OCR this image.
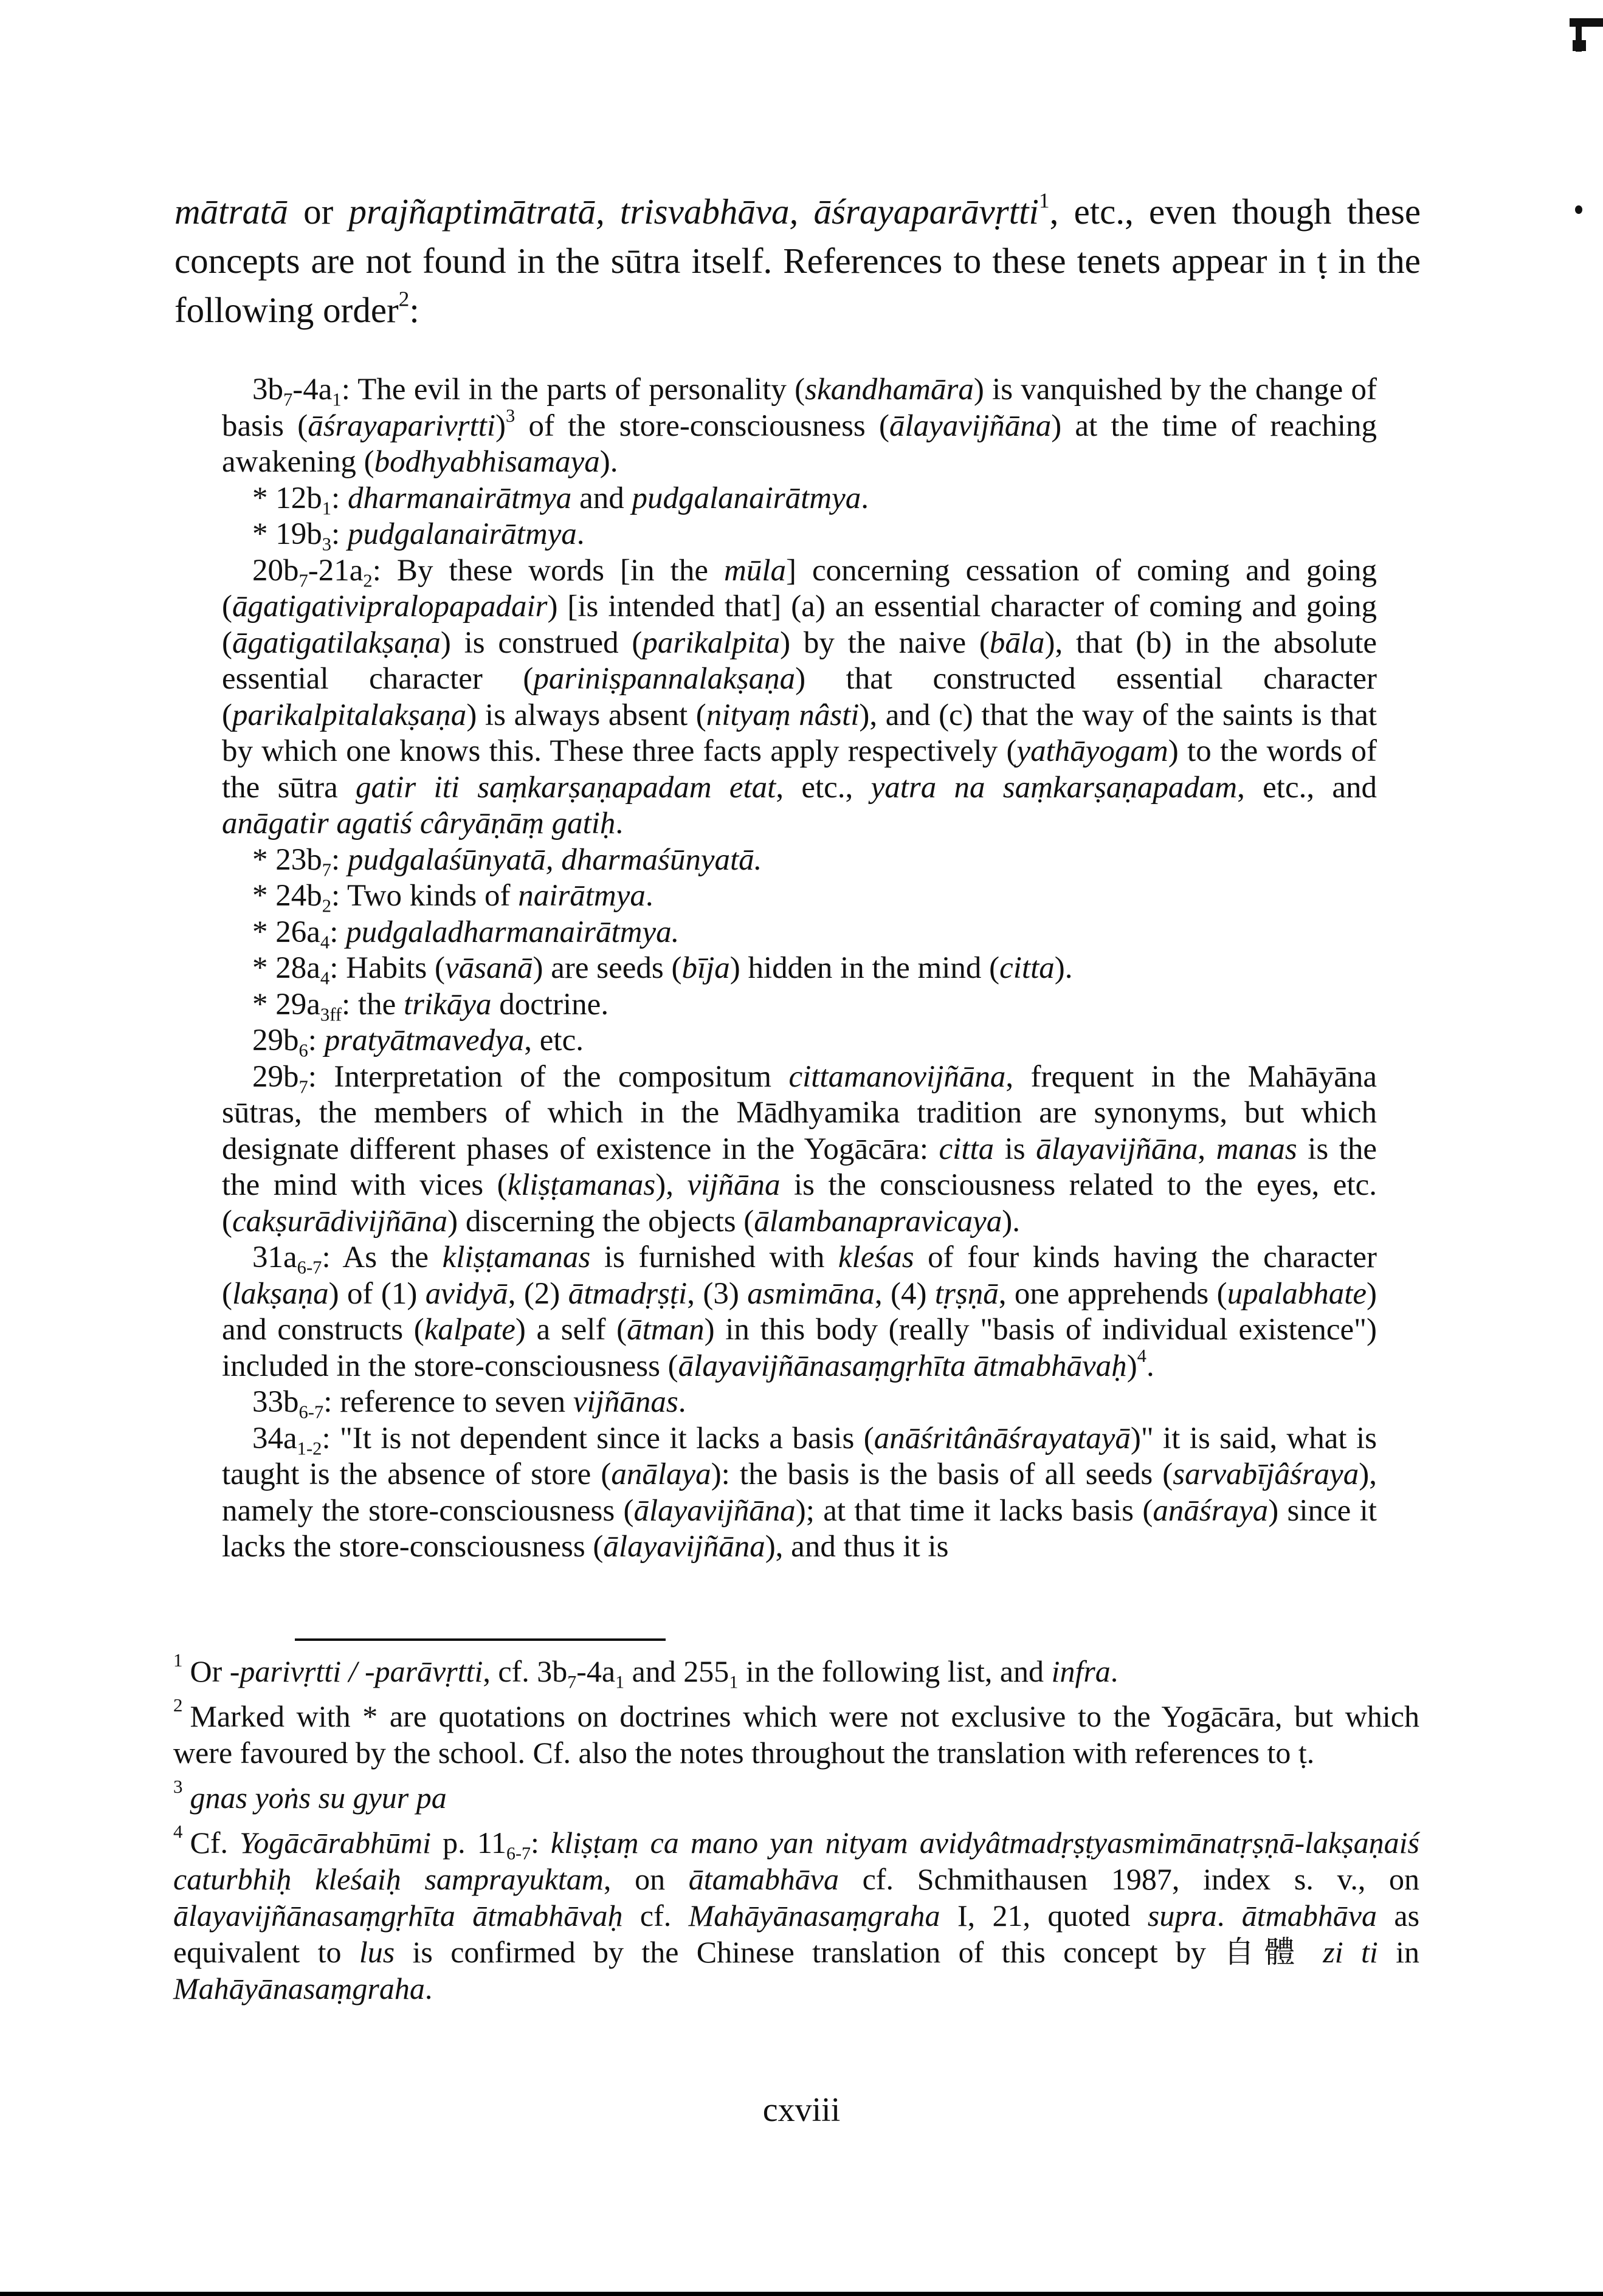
mātratā or prajñaptimātratā, trisvabhāva, āśrayaparāvṛtti$^1$, etc., even though these concepts are not found in the sūtra itself. References to these tenets appear in ṭ in the following order$^2$:

$3b_7-4a_1$: The evil in the parts of personality (skandhamāra) is vanquished by the change of basis (āśrayaparivṛtti)$^3$ of the store-consciousness (ālayavijñāna) at the time of reaching awakening (bodhyabhisamaya).

* $12b_1$: dharmanairātmya and pudgalanairātmya.

* $19b_3$: pudgalanairātmya.

$20b_7-21a_2$: By these words [in the mūla] concerning cessation of coming and going (āgatigativipralopapadair) [is intended that] (a) an essential character of coming and going (āgatigatilakṣaṇa) is construed (parikalpita) by the naive (bāla), that (b) in the absolute essential character (pariniṣpannalakṣaṇa) that constructed essential character (parikalpitalakṣaṇa) is always absent (nityaṃ nâsti), and (c) that the way of the saints is that by which one knows this. These three facts apply respectively (yathāyogam) to the words of the sūtra gatir iti saṃkarṣaṇapadam etat, etc., yatra na saṃkarṣaṇapadam, etc., and anāgatir agatiś câryāṇāṃ gatiḥ.

* $23b_7$: pudgalaśūnyatā, dharmaśūnyatā.

* $24b_2$: Two kinds of nairātmya.

* $26a_4$: pudgaladharmanairātmya.

* $28a_4$: Habits (vāsanā) are seeds (bīja) hidden in the mind (citta).

* $29a_{3ff}$: the trikāya doctrine.

$29b_6$: pratyātmavedya, etc.

$29b_7$: Interpretation of the compositum cittamanovijñāna, frequent in the Mahāyāna sūtras, the members of which in the Mādhyamika tradition are synonyms, but which designate different phases of existence in the Yogācāra: citta is ālayavijñāna, manas is the the mind with vices (kliṣṭamanas), vijñāna is the consciousness related to the eyes, etc. (cakṣurādivijñāna) discerning the objects (ālambanapravicaya).

$31a_{6-7}$: As the kliṣṭamanas is furnished with kleśas of four kinds having the character (lakṣaṇa) of (1) avidyā, (2) ātmadṛṣṭi, (3) asmimāna, (4) tṛṣṇā, one apprehends (upalabhate) and constructs (kalpate) a self (ātman) in this body (really "basis of individual existence") included in the store-consciousness (ālayavijñānasaṃgṛhīta ātmabhāvaḥ)$^4$.

$33b_{6-7}$: reference to seven vijñānas.

$34a_{1-2}$: "It is not dependent since it lacks a basis (anāśritânāśrayatayā)" it is said, what is taught is the absence of store (anālaya): the basis is the basis of all seeds (sarvabījâśraya), namely the store-consciousness (ālayavijñāna); at that time it lacks basis (anāśraya) since it lacks the store-consciousness (ālayavijñāna), and thus it is

$^1$ Or -parivṛtti / -parāvṛtti, cf. $3b_7-4a_1$ and $255_1$ in the following list, and infra.

$^2$ Marked with * are quotations on doctrines which were not exclusive to the Yogācāra, but which were favoured by the school. Cf. also the notes throughout the translation with references to ṭ.

$^3$ gnas yoṅs su gyur pa

$^4$ Cf. Yogācārabhūmi p. $11_{6-7}$: kliṣṭaṃ ca mano yan nityam avidyâtmadṛṣṭyasmimānatṛṣṇā-lakṣaṇaiś caturbhiḥ kleśaiḥ samprayuktam, on ātamabhāva cf. Schmithausen 1987, index s. v., on ālayavijñānasaṃgṛhīta ātmabhāvaḥ cf. Mahāyānasaṃgraha I, 21, quoted supra. ātmabhāva as equivalent to lus is confirmed by the Chinese translation of this concept by 自體 zi ti in Mahāyānasaṃgraha.

cxviii
